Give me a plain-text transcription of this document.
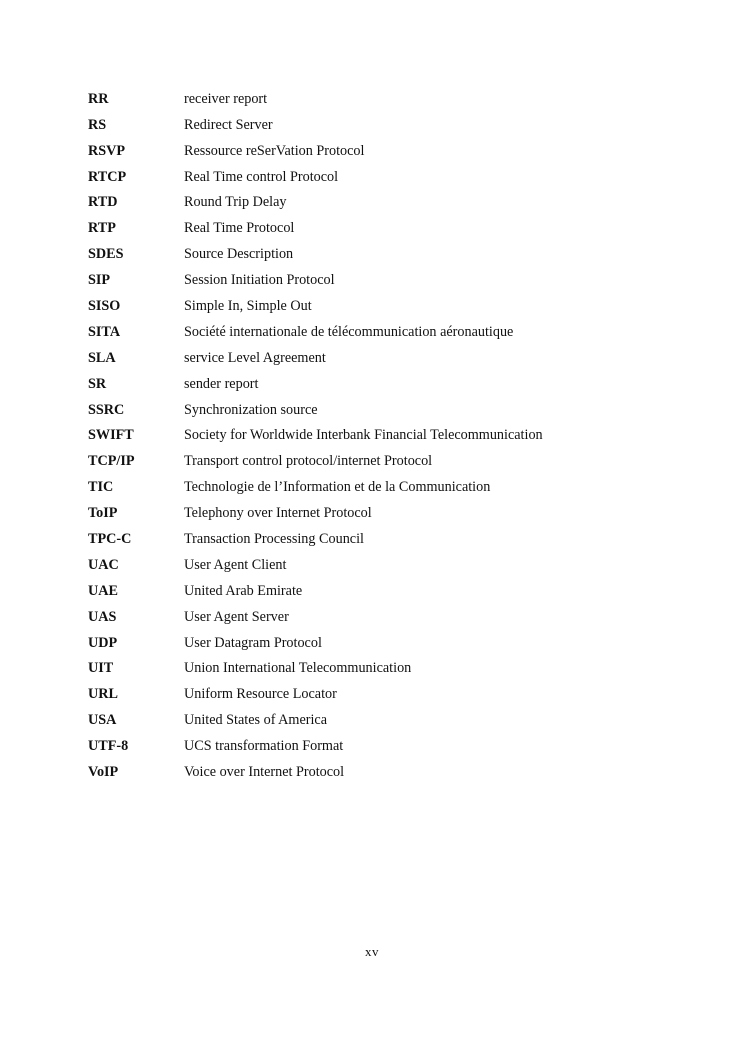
RR	receiver report
RS	Redirect Server
RSVP	Ressource reSerVation Protocol
RTCP	Real Time control Protocol
RTD	Round Trip Delay
RTP	Real Time Protocol
SDES	Source Description
SIP	Session Initiation Protocol
SISO	Simple In, Simple Out
SITA	Société internationale de télécommunication aéronautique
SLA	service Level Agreement
SR	sender report
SSRC	Synchronization source
SWIFT	Society for Worldwide Interbank Financial Telecommunication
TCP/IP	Transport control protocol/internet Protocol
TIC	Technologie de l’Information et de la Communication
ToIP	Telephony over Internet Protocol
TPC-C	Transaction Processing Council
UAC	User Agent Client
UAE	United Arab Emirate
UAS	User Agent Server
UDP	User Datagram Protocol
UIT	Union International Telecommunication
URL	Uniform Resource Locator
USA	United States of America
UTF-8	UCS transformation Format
VoIP	Voice over Internet Protocol
xv
